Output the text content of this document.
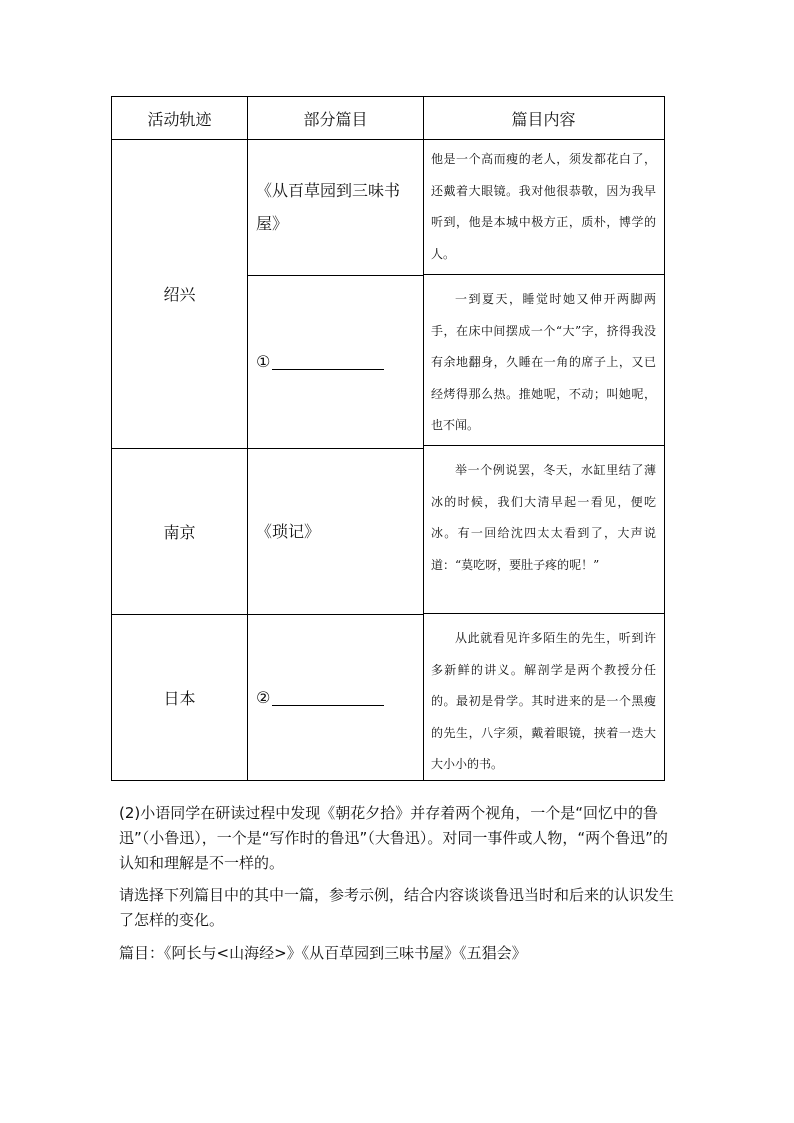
活动轨迹	部分篇目	篇目内容
绍兴
南京
日本
《从百草园到三味书屋》
①
《琐记》
②
他是一个高而瘦的老人，须发都花白了，还戴着大眼镜。我对他很恭敬，因为我早听到，他是本城中极方正，质朴，博学的人。
一到夏天，睡觉时她又伸开两脚两手，在床中间摆成一个“大”字，挤得我没有余地翻身，久睡在一角的席子上，又已经烤得那么热。推她呢，不动；叫她呢，也不闻。
举一个例说罢，冬天，水缸里结了薄冰的时候，我们大清早起一看见，便吃冰。有一回给沈四太太看到了，大声说道：“莫吃呀，要肚子疼的呢！”
从此就看见许多陌生的先生，听到许多新鲜的讲义。解剖学是两个教授分任的。最初是骨学。其时进来的是一个黑瘦的先生，八字须，戴着眼镜，挟着一迭大大小小的书。
(2)小语同学在研读过程中发现《朝花夕拾》并存着两个视角，一个是“回忆中的鲁迅”（小鲁迅），一个是“写作时的鲁迅”（大鲁迅）。对同一事件或人物，“两个鲁迅”的认知和理解是不一样的。
请选择下列篇目中的其中一篇，参考示例，结合内容谈谈鲁迅当时和后来的认识发生了怎样的变化。
篇目：《阿长与<山海经>》《从百草园到三味书屋》《五猖会》
